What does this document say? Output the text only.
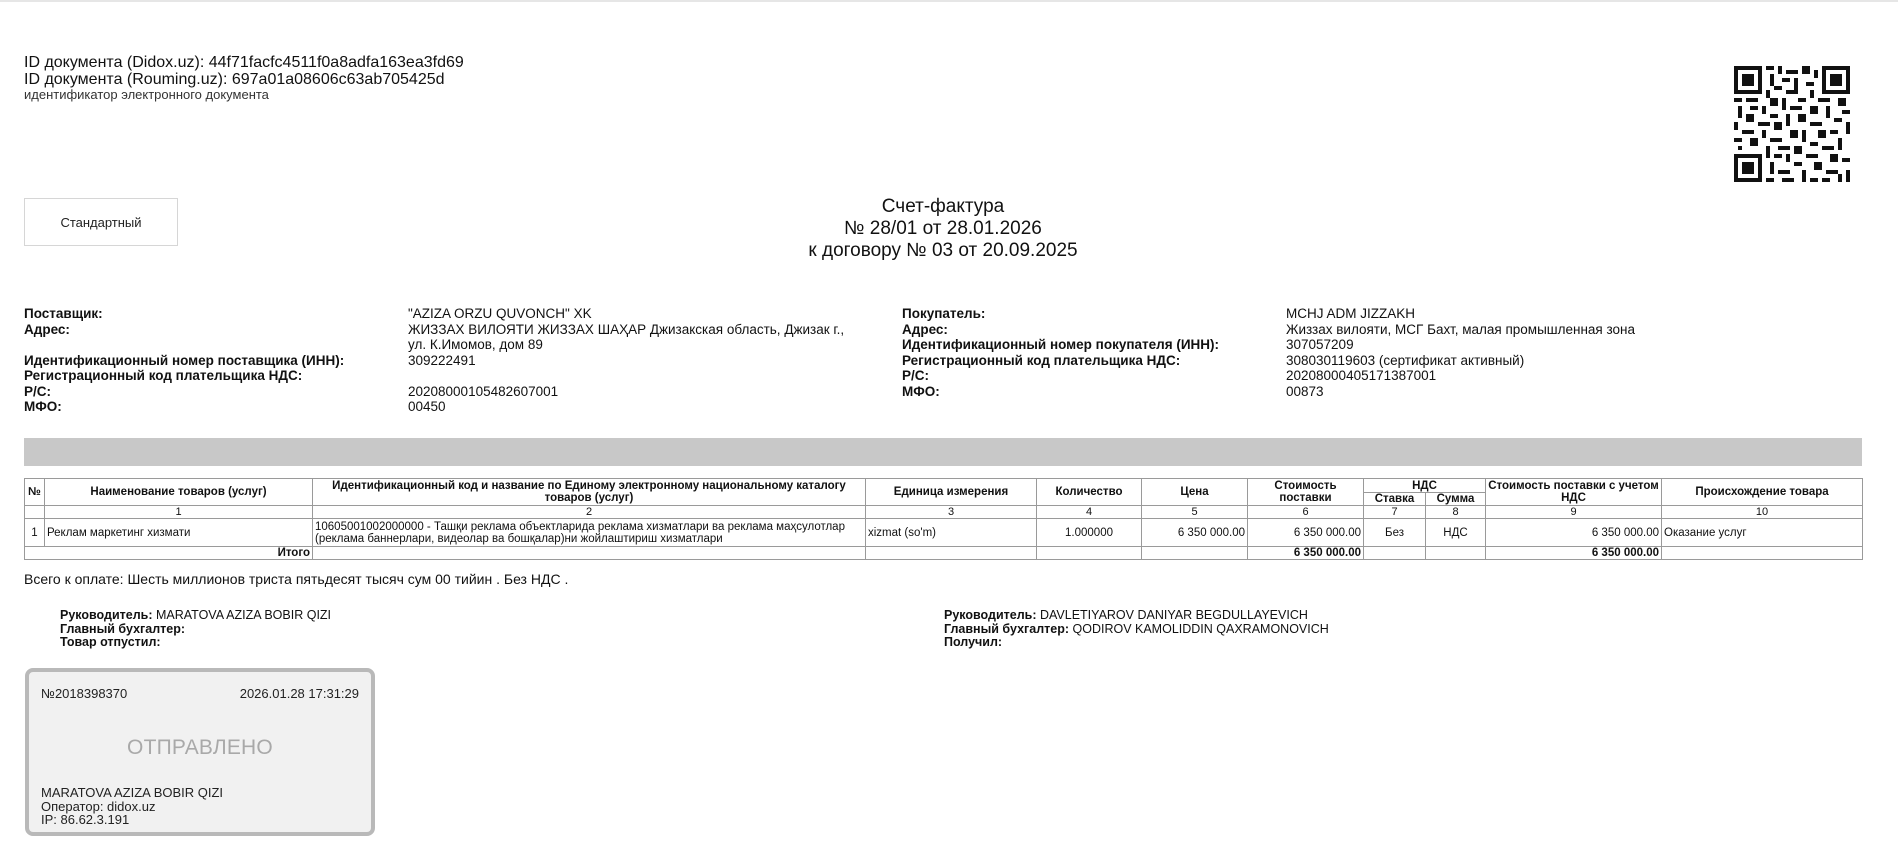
ID документа (Didox.uz): 44f71facfc4511f0a8adfa163ea3fd69

ID документа (Rouming.uz): 697a01a08606c63ab705425d

идентификатор электронного документа
Стандартный
Счет-фактура
№ 28/01 от 28.01.2026
к договору № 03 от 20.09.2025
Поставщик:	"AZIZA ORZU QUVONCH" XK
Адрес:	ЖИЗЗАХ ВИЛОЯТИ ЖИЗЗАХ ШАҲАР Джизакская область, Джизак г.,
ул. К.Имомов, дом 89
Идентификационный номер поставщика (ИНН):	309222491
Регистрационный код плательщика НДС:
Р/С:	20208000105482607001
МФО:	00450
Покупатель:	MCHJ ADM JIZZAKH
Адрес:	Жиззах вилояти, МСГ Бахт, малая промышленная зона
Идентификационный номер покупателя (ИНН):	307057209
Регистрационный код плательщика НДС:	308030119603 (сертификат активный)
Р/С:	20208000405171387001
МФО:	00873
№	Наименование товаров (услуг)	Идентификационный код и название по Единому электронному национальному каталогу товаров (услуг)	Единица измерения	Количество	Цена	Стоимость поставки	НДС		Стоимость поставки с учетом НДС	Происхождение товара
							Ставка	Сумма		
	1	2	3	4	5	6	7	8	9	10
1	Реклам маркетинг хизмати	10605001002000000 - Ташқи реклама объектларида реклама хизматлари ва реклама маҳсулотлар (реклама баннерлари, видеолар ва бошқалар)ни жойлаштириш хизматлари	xizmat (so'm)	1.000000	6 350 000.00	6 350 000.00	Без	НДС	6 350 000.00	Оказание услуг
Итого						6 350 000.00			6 350 000.00	
Всего к оплате: Шесть миллионов триста пятьдесят тысяч сум 00 тийин . Без НДС .
Руководитель: MARATOVA AZIZA BOBIR QIZI
Главный бухгалтер:
Товар отпустил:
Руководитель: DAVLETIYAROV DANIYAR BEGDULLAYEVICH
Главный бухгалтер: QODIROV KAMOLIDDIN QAXRAMONOVICH
Получил:
№2018398370	2026.01.28 17:31:29
ОТПРАВЛЕНО
MARATOVA AZIZA BOBIR QIZI
Оператор: didox.uz
IP: 86.62.3.191
